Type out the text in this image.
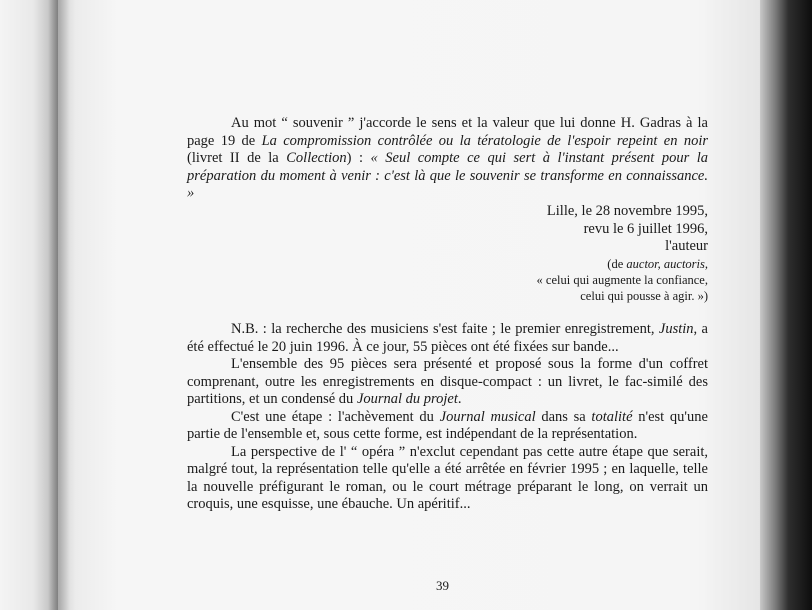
Au mot “ souvenir ” j'accorde le sens et la valeur que lui donne H. Gadras à la page 19 de La compromission contrôlée ou la tératologie de l'espoir repeint en noir (livret II de la Collection) : « Seul compte ce qui sert à l'instant présent pour la préparation du moment à venir : c'est là que le souvenir se transforme en connaissance. »

Lille, le 28 novembre 1995,
revu le 6 juillet 1996,
l'auteur
(de auctor, auctoris,
« celui qui augmente la confiance,
celui qui pousse à agir. »)

N.B. : la recherche des musiciens s'est faite ; le premier enregistrement, Justin, a été effectué le 20 juin 1996. À ce jour, 55 pièces ont été fixées sur bande...

L'ensemble des 95 pièces sera présenté et proposé sous la forme d'un coffret comprenant, outre les enregistrements en disque-compact : un livret, le fac-similé des partitions, et un condensé du Journal du projet.

C'est une étape : l'achèvement du Journal musical dans sa totalité n'est qu'une partie de l'ensemble et, sous cette forme, est indépendant de la représentation.

La perspective de l' “ opéra ” n'exclut cependant pas cette autre étape que serait, malgré tout, la représentation telle qu'elle a été arrêtée en février 1995 ; en laquelle, telle la nouvelle préfigurant le roman, ou le court métrage préparant le long, on verrait un croquis, une esquisse, une ébauche. Un apéritif...

39
